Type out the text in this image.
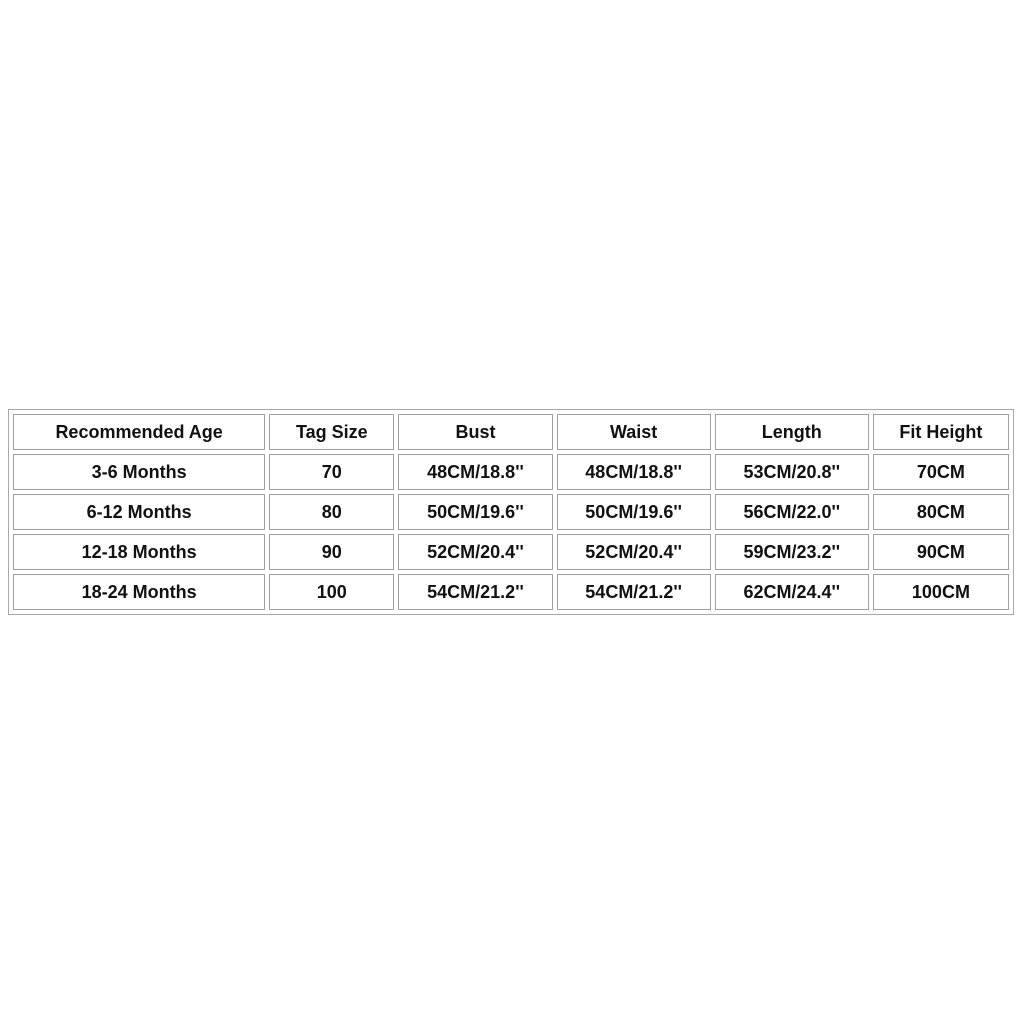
Recommended Age	Tag Size	Bust	Waist	Length	Fit Height
3-6 Months	70	48CM/18.8''	48CM/18.8''	53CM/20.8''	70CM
6-12 Months	80	50CM/19.6''	50CM/19.6''	56CM/22.0''	80CM
12-18 Months	90	52CM/20.4''	52CM/20.4''	59CM/23.2''	90CM
18-24 Months	100	54CM/21.2''	54CM/21.2''	62CM/24.4''	100CM
